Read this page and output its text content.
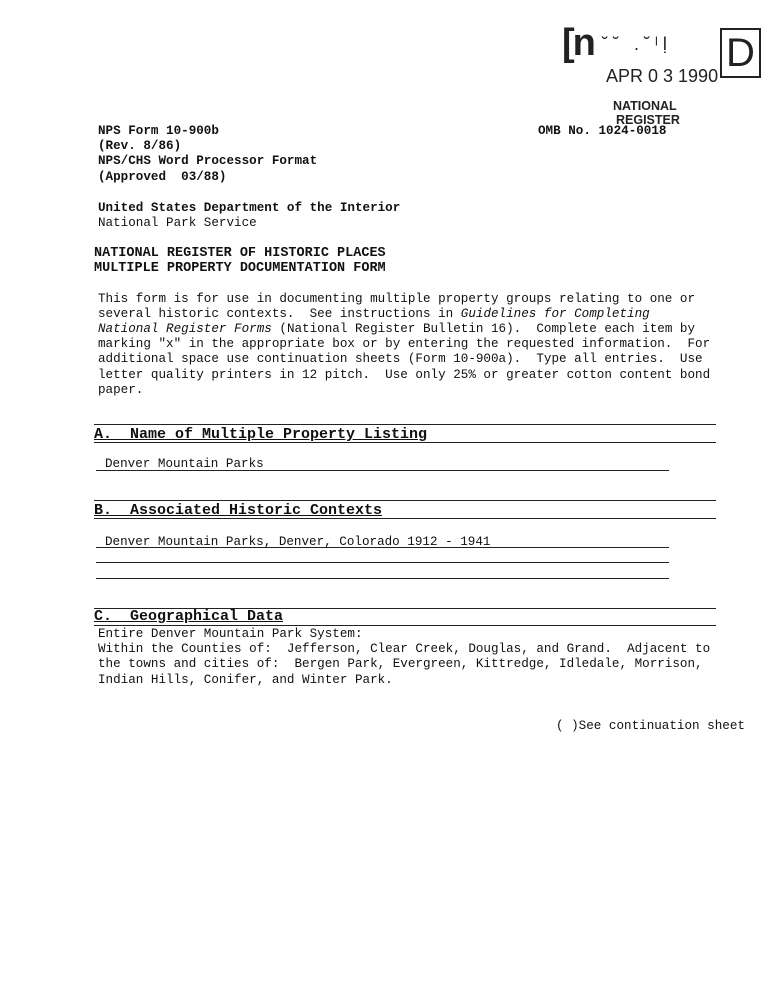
[n ˘ ˘   . ˘ ˡ ḷ D
APR 0 3 1990
NATIONAL
REGISTER
NPS Form 10-900b
(Rev. 8/86)
NPS/CHS Word Processor Format
(Approved  03/88)
OMB No. 1024-0018
United States Department of the Interior
National Park Service
NATIONAL REGISTER OF HISTORIC PLACES
MULTIPLE PROPERTY DOCUMENTATION FORM
This form is for use in documenting multiple property groups relating to one or
several historic contexts.  See instructions in Guidelines for Completing
National Register Forms (National Register Bulletin 16).  Complete each item by
marking "x" in the appropriate box or by entering the requested information.  For
additional space use continuation sheets (Form 10-900a).  Type all entries.  Use
letter quality printers in 12 pitch.  Use only 25% or greater cotton content bond
paper.
A.  Name of Multiple Property Listing
Denver Mountain Parks
B.  Associated Historic Contexts
Denver Mountain Parks, Denver, Colorado 1912 - 1941
C.  Geographical Data
Entire Denver Mountain Park System:
Within the Counties of:  Jefferson, Clear Creek, Douglas, and Grand.  Adjacent to
the towns and cities of:  Bergen Park, Evergreen, Kittredge, Idledale, Morrison,
Indian Hills, Conifer, and Winter Park.
( )See continuation sheet
